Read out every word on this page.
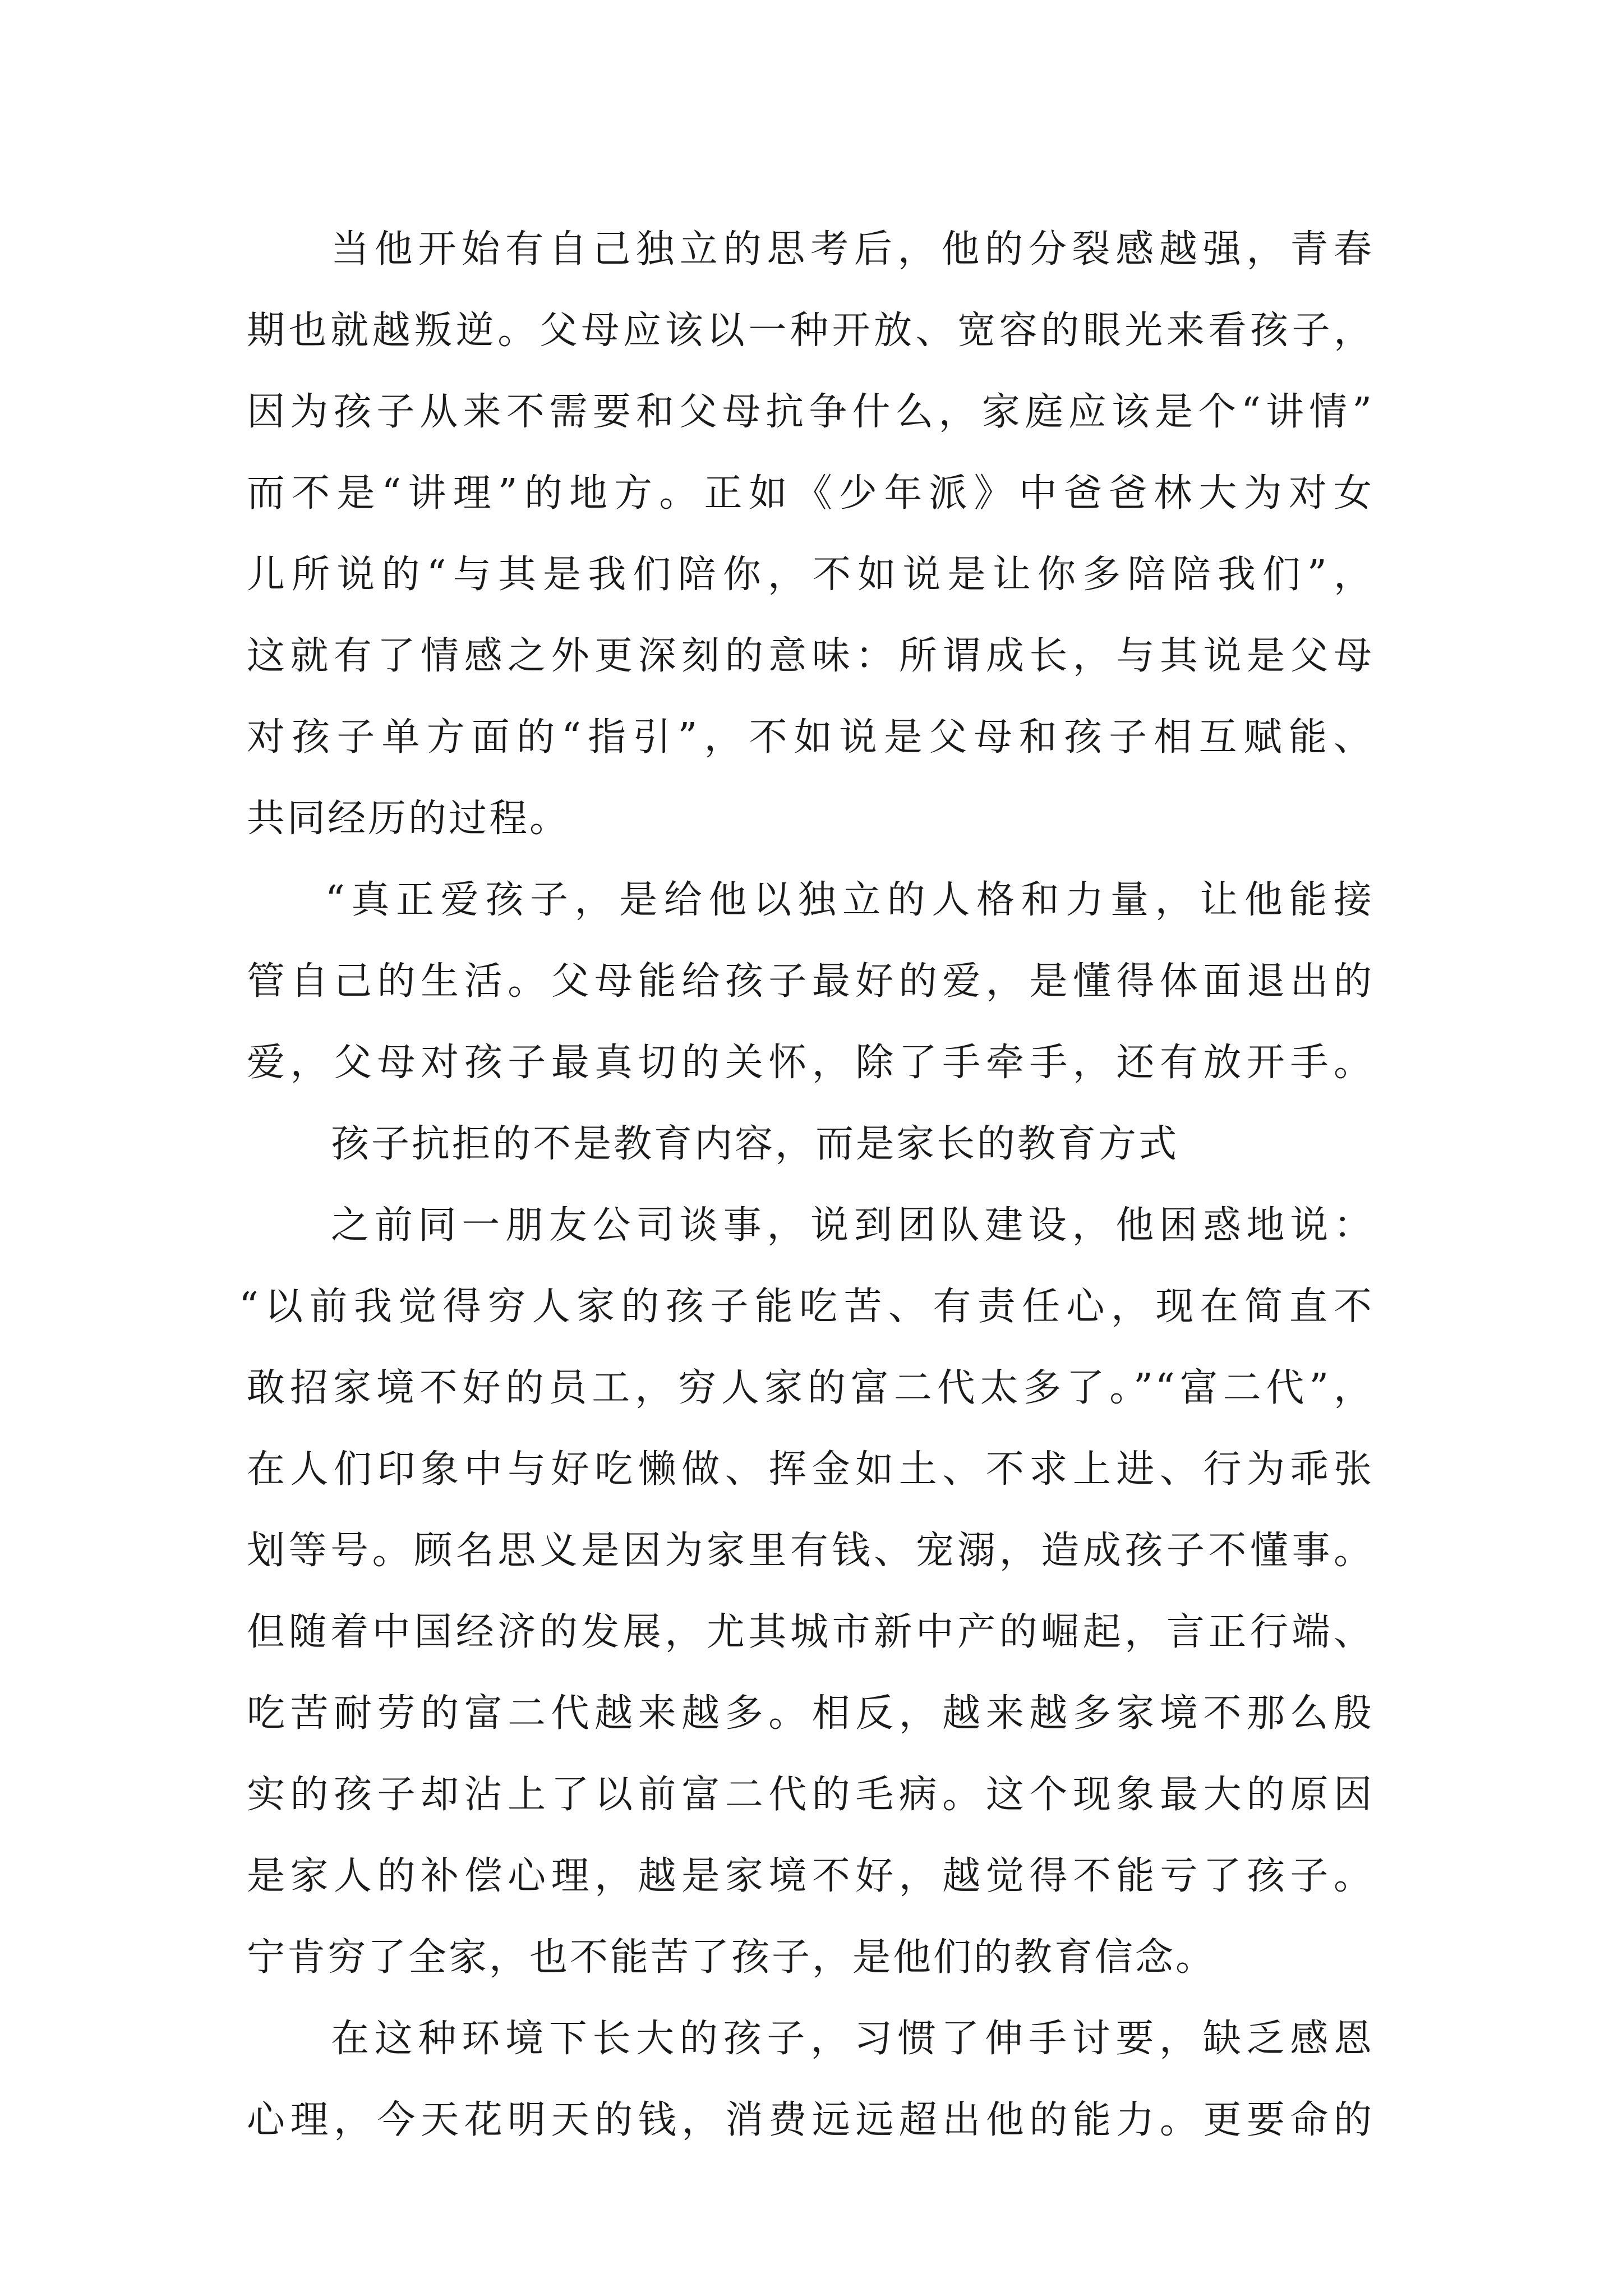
当他开始有自己独立的思考后，他的分裂感越强，青春
期也就越叛逆。父母应该以一种开放、宽容的眼光来看孩子，
因为孩子从来不需要和父母抗争什么，家庭应该是个“讲情”
而不是“讲理”的地方。正如《少年派》中爸爸林大为对女
儿所说的“与其是我们陪你，不如说是让你多陪陪我们”，
这就有了情感之外更深刻的意味：所谓成长，与其说是父母
对孩子单方面的“指引”，不如说是父母和孩子相互赋能、
共同经历的过程。
“真正爱孩子，是给他以独立的人格和力量，让他能接
管自己的生活。父母能给孩子最好的爱，是懂得体面退出的
爱，父母对孩子最真切的关怀，除了手牵手，还有放开手。
孩子抗拒的不是教育内容，而是家长的教育方式
之前同一朋友公司谈事，说到团队建设，他困惑地说：
“以前我觉得穷人家的孩子能吃苦、有责任心，现在简直不
敢招家境不好的员工，穷人家的富二代太多了。”“富二代”，
在人们印象中与好吃懒做、挥金如土、不求上进、行为乖张
划等号。顾名思义是因为家里有钱、宠溺，造成孩子不懂事。
但随着中国经济的发展，尤其城市新中产的崛起，言正行端、
吃苦耐劳的富二代越来越多。相反，越来越多家境不那么殷
实的孩子却沾上了以前富二代的毛病。这个现象最大的原因
是家人的补偿心理，越是家境不好，越觉得不能亏了孩子。
宁肯穷了全家，也不能苦了孩子，是他们的教育信念。
在这种环境下长大的孩子，习惯了伸手讨要，缺乏感恩
心理，今天花明天的钱，消费远远超出他的能力。更要命的
